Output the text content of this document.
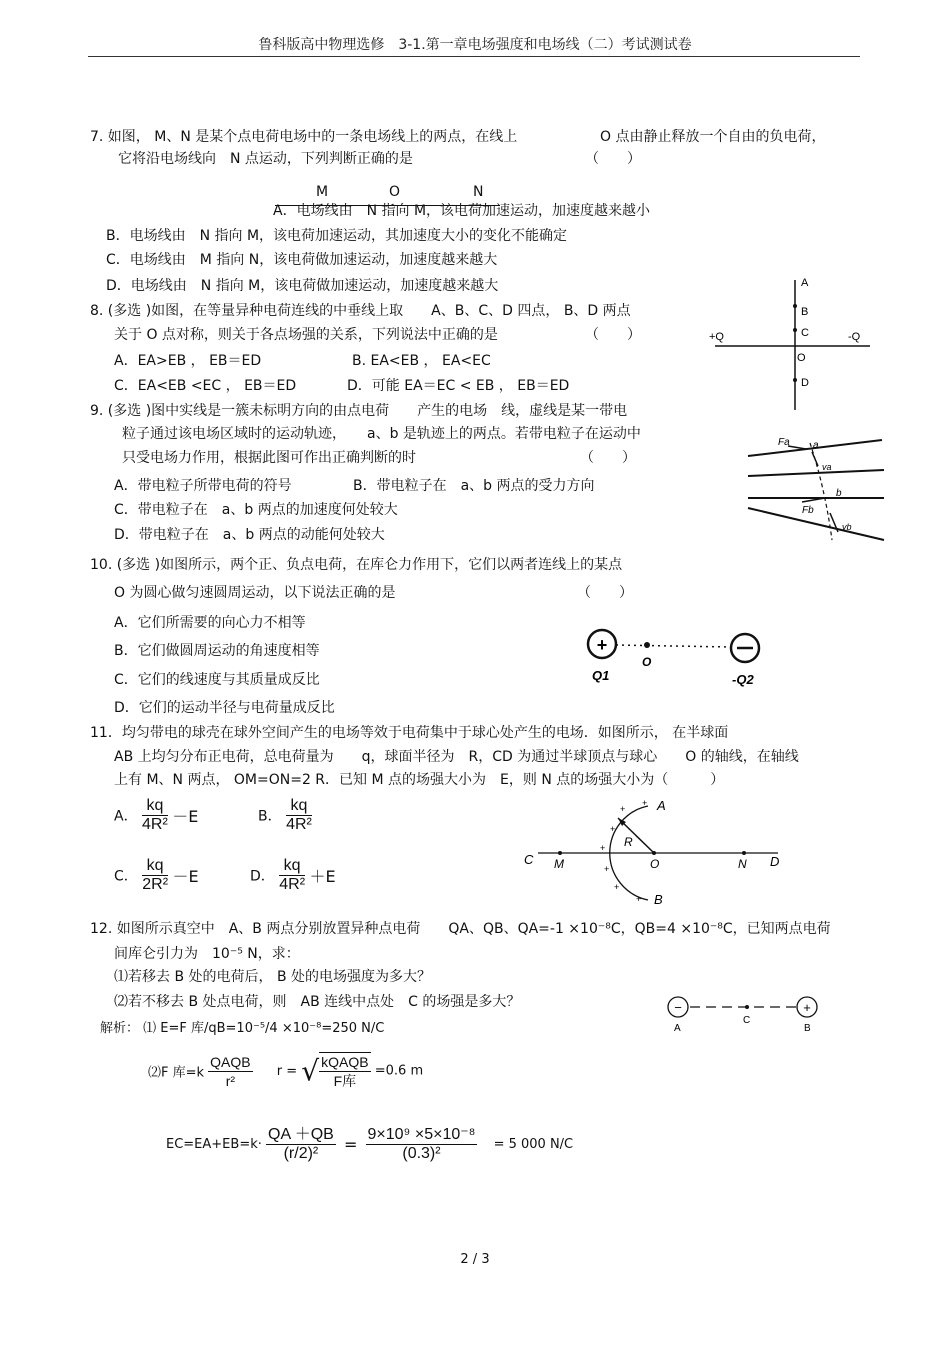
鲁科版高中物理选修　3-1.第一章电场强度和电场线（二）考试测试卷
7. 如图， M、N 是某个点电荷电场中的一条电场线上的两点，在线上	O 点由静止释放一个自由的负电荷，
它将沿电场线向　N 点运动，下列判断正确的是	（　　）
M	O	N
A．电场线由　N 指向 M，该电荷加速运动，加速度越来越小
B．电场线由　N 指向 M，该电荷加速运动，其加速度大小的变化不能确定
C．电场线由　M 指向 N，该电荷做加速运动，加速度越来越大
D．电场线由　N 指向 M，该电荷做加速运动，加速度越来越大
8. (多选 )如图，在等量异种电荷连线的中垂线上取　　A、B、C、D 四点， B、D 两点
关于 O 点对称，则关于各点场强的关系，下列说法中正确的是	（　　）
A．EA>EB ， EB＝ED	B. EA<EB ， EA<EC
C．EA<EB <EC ， EB＝ED	D．可能 EA＝EC < EB ， EB＝ED
A
B
C
O
D
+Q	-Q
9. (多选 )图中实线是一簇未标明方向的由点电荷　　产生的电场　线，虚线是某一带电
粒子通过该电场区域时的运动轨迹，　　a、b 是轨迹上的两点。若带电粒子在运动中
只受电场力作用，根据此图可作出正确判断的时	（　　）
A．带电粒子所带电荷的符号	B．带电粒子在　a、b 两点的受力方向
C．带电粒子在　a、b 两点的加速度何处较大
D．带电粒子在　a、b 两点的动能何处较大
Fa a
va
b
Fb
vb
10. (多选 )如图所示，两个正、负点电荷，在库仑力作用下，它们以两者连线上的某点
O 为圆心做匀速圆周运动，以下说法正确的是	（　　）
A．它们所需要的向心力不相等
B．它们做圆周运动的角速度相等
C．它们的线速度与其质量成反比
D．它们的运动半径与电荷量成反比
+
Q1
O
-Q2
11．均匀带电的球壳在球外空间产生的电场等效于电荷集中于球心处产生的电场．如图所示， 在半球面
AB 上均匀分布正电荷，总电荷量为　　q，球面半径为　R，CD 为通过半球顶点与球心　　O 的轴线，在轴线
上有 M、N 两点， OM=ON=2 R．已知 M 点的场强大小为　E，则 N 点的场强大小为（　　　）
A． $\frac{kq}{\text{4R²}} -E$	B． $\frac{kq}{\text{4R²}}$
C． $\frac{kq}{\text{2R²}} -E$	D． $\frac{kq}{\text{4R²}} +E$
+
+
+
+
+
+
+
C M	O	N D
A
B
R
12. 如图所示真空中　A、B 两点分别放置异种点电荷　　QA、QB、QA=-1 ×10⁻⁸C，QB=4 ×10⁻⁸C，已知两点电荷
间库仑引力为　10⁻⁵ N，求：
⑴若移去 B 处的电荷后， B 处的电场强度为多大？
⑵若不移去 B 处点电荷，则　AB 连线中点处　C 的场强是多大？
解析： ⑴ E=F 库/qB=10⁻⁵/4 ×10⁻⁸=250 N/C
−	+
A
C
B
⑵F 库$=k \frac{\text{QAQB}}{\text{r²}}$ r = √ $\frac{\text{kQAQB}}{\text{F库}} =0.6$ m
$EC=EA+EB=k\cdot \frac{QA +QB}{\text{(r/2)²}} = \frac{\text{9×10⁹ ×5×10⁻⁸}}{\text{(0.3)²}} = 5$ 000 N/C
2 / 3
